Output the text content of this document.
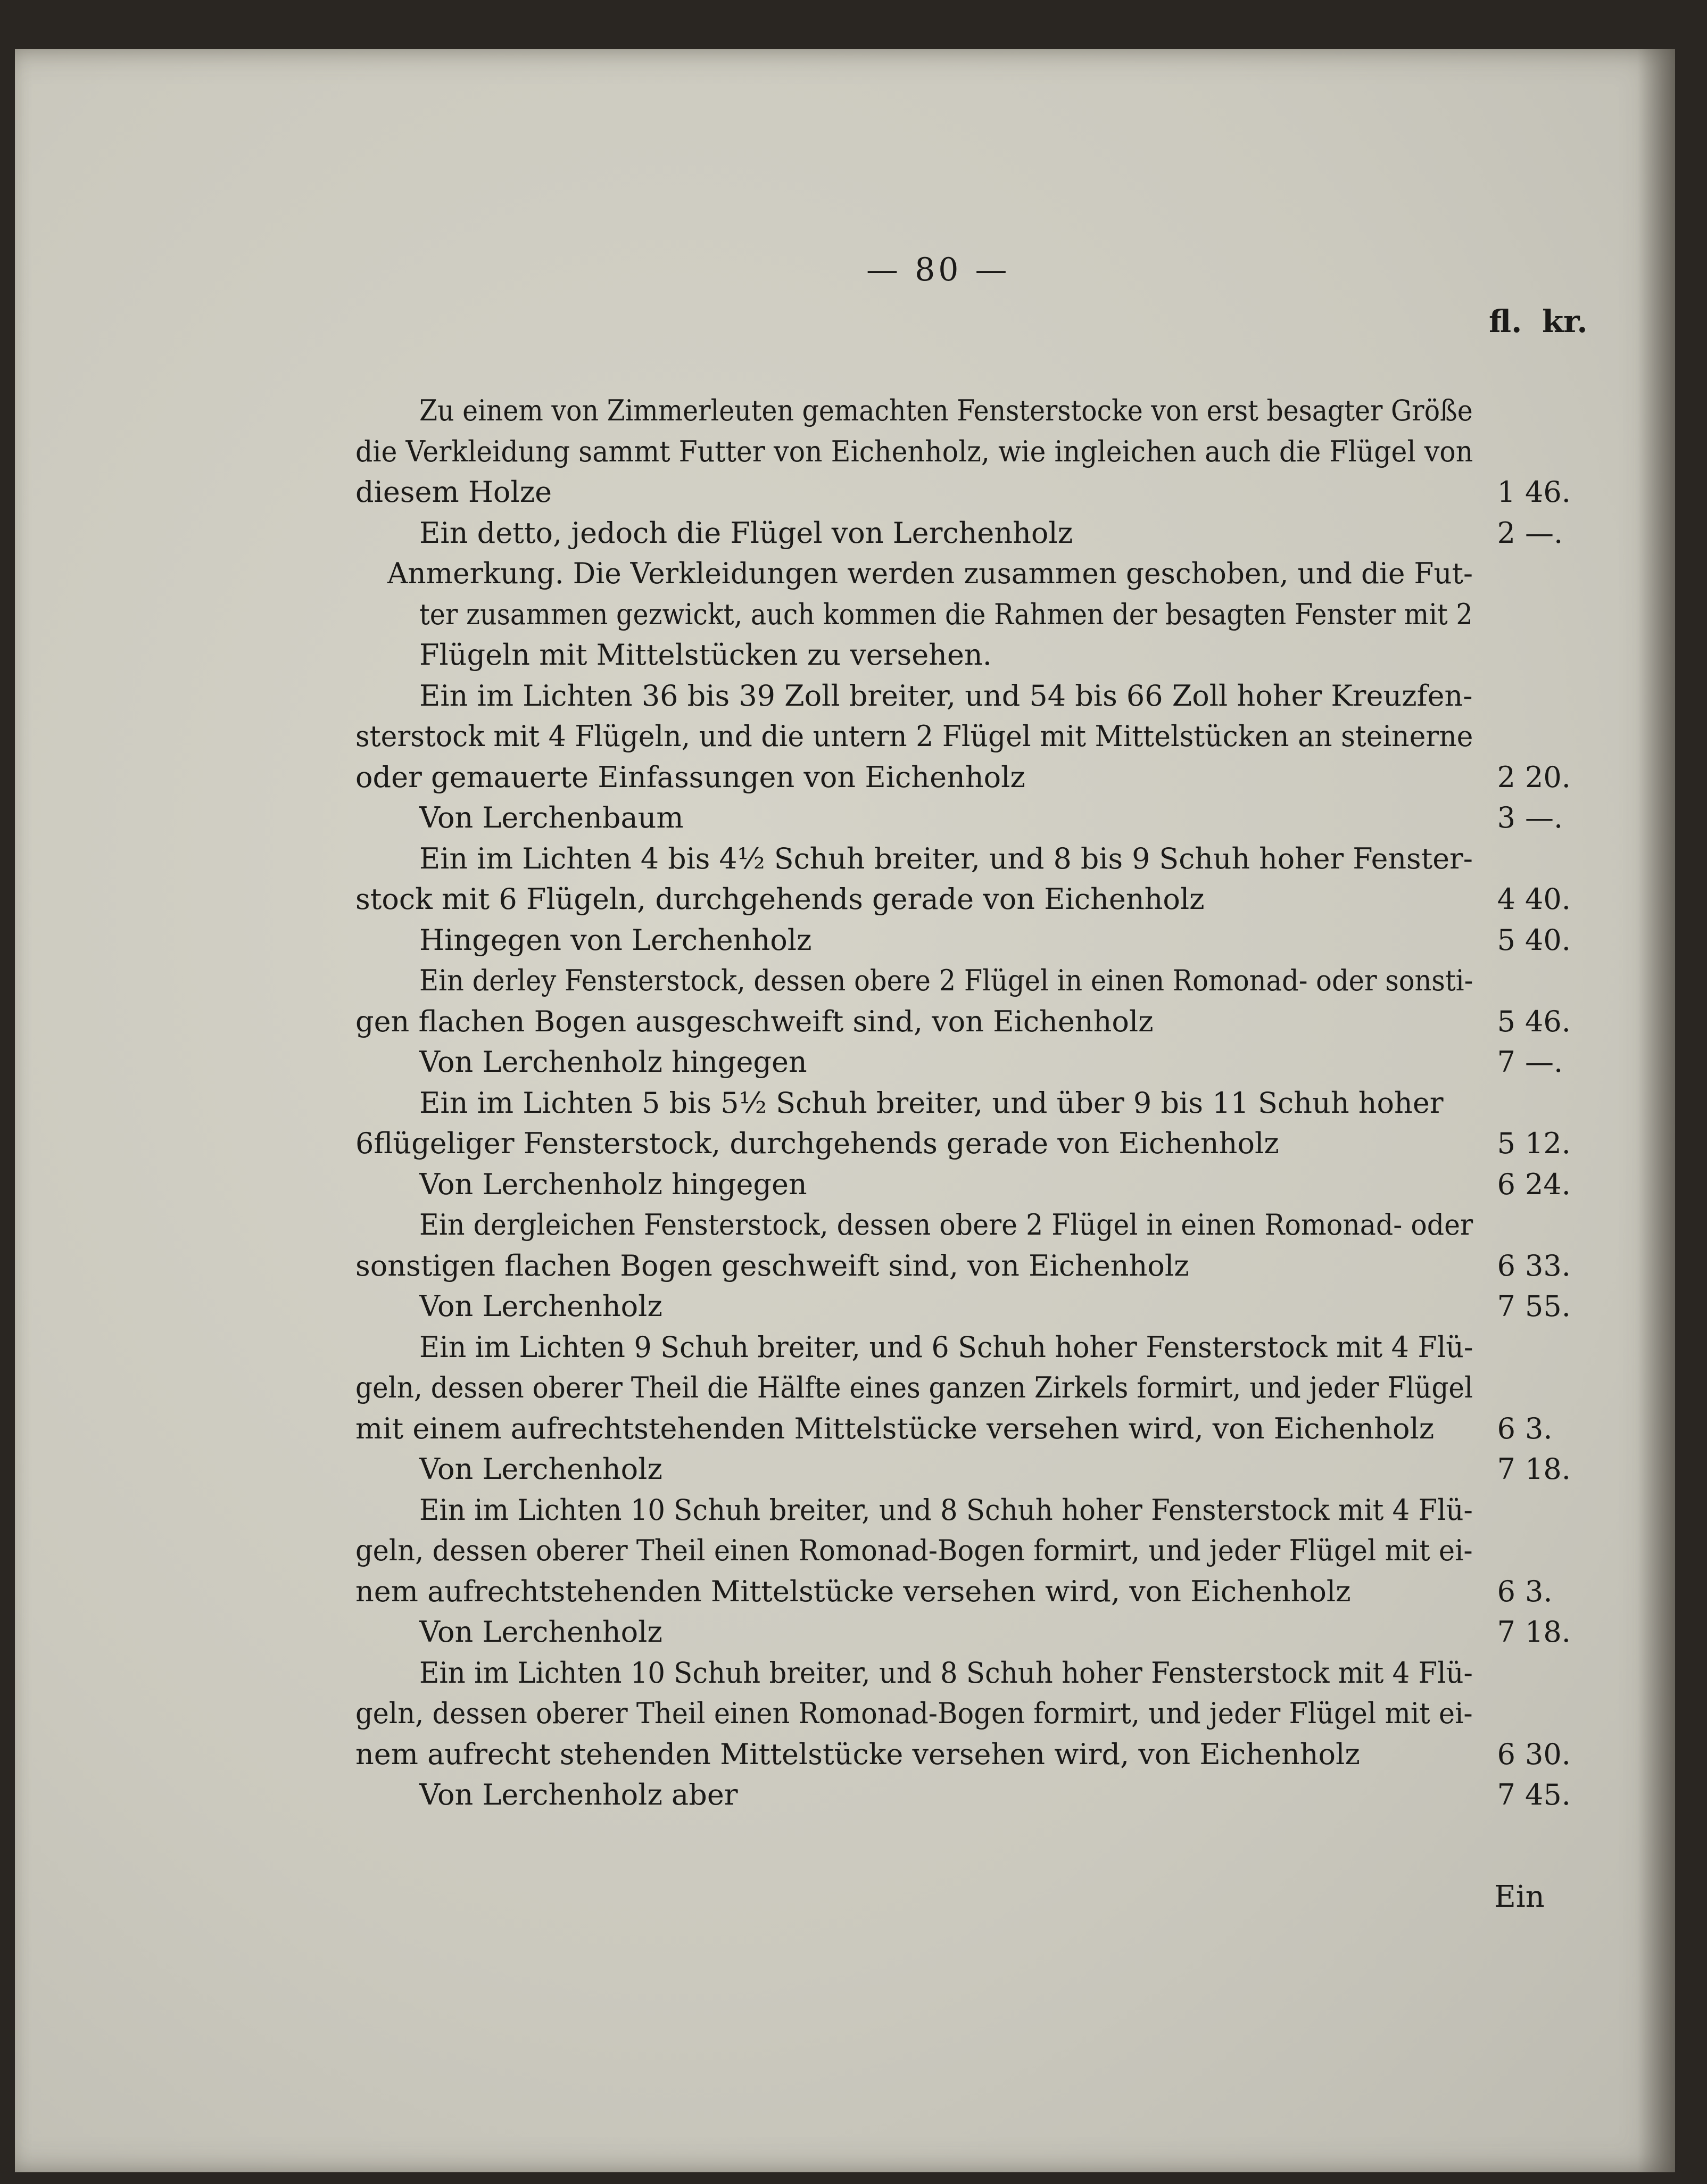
— 80 —
fl. kr.
Zu einem von Zimmerleuten gemachten Fensterstocke von erst besagter Größe
die Verkleidung sammt Futter von Eichenholz, wie ingleichen auch die Flügel von
diesem Holze	1 46.
Ein detto, jedoch die Flügel von Lerchenholz	2 —.
Anmerkung. Die Verkleidungen werden zusammen geschoben, und die Fut-
ter zusammen gezwickt, auch kommen die Rahmen der besagten Fenster mit 2
Flügeln mit Mittelstücken zu versehen.
Ein im Lichten 36 bis 39 Zoll breiter, und 54 bis 66 Zoll hoher Kreuzfen-
sterstock mit 4 Flügeln, und die untern 2 Flügel mit Mittelstücken an steinerne
oder gemauerte Einfassungen von Eichenholz	2 20.
Von Lerchenbaum	3 —.
Ein im Lichten 4 bis 4½ Schuh breiter, und 8 bis 9 Schuh hoher Fenster-
stock mit 6 Flügeln, durchgehends gerade von Eichenholz	4 40.
Hingegen von Lerchenholz	5 40.
Ein derley Fensterstock, dessen obere 2 Flügel in einen Romonad- oder sonsti-
gen flachen Bogen ausgeschweift sind, von Eichenholz	5 46.
Von Lerchenholz hingegen	7 —.
Ein im Lichten 5 bis 5½ Schuh breiter, und über 9 bis 11 Schuh hoher
6flügeliger Fensterstock, durchgehends gerade von Eichenholz	5 12.
Von Lerchenholz hingegen	6 24.
Ein dergleichen Fensterstock, dessen obere 2 Flügel in einen Romonad- oder
sonstigen flachen Bogen geschweift sind, von Eichenholz	6 33.
Von Lerchenholz	7 55.
Ein im Lichten 9 Schuh breiter, und 6 Schuh hoher Fensterstock mit 4 Flü-
geln, dessen oberer Theil die Hälfte eines ganzen Zirkels formirt, und jeder Flügel
mit einem aufrechtstehenden Mittelstücke versehen wird, von Eichenholz	6 3.
Von Lerchenholz	7 18.
Ein im Lichten 10 Schuh breiter, und 8 Schuh hoher Fensterstock mit 4 Flü-
geln, dessen oberer Theil einen Romonad-Bogen formirt, und jeder Flügel mit ei-
nem aufrechtstehenden Mittelstücke versehen wird, von Eichenholz	6 3.
Von Lerchenholz	7 18.
Ein im Lichten 10 Schuh breiter, und 8 Schuh hoher Fensterstock mit 4 Flü-
geln, dessen oberer Theil einen Romonad-Bogen formirt, und jeder Flügel mit ei-
nem aufrecht stehenden Mittelstücke versehen wird, von Eichenholz	6 30.
Von Lerchenholz aber	7 45.
Ein
